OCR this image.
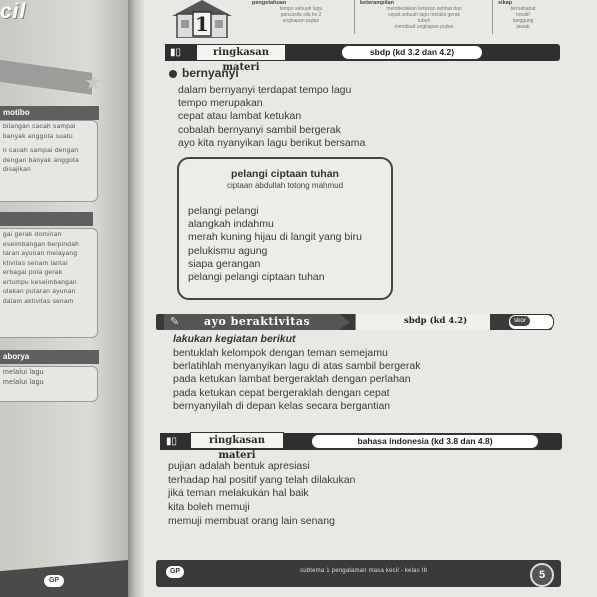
cil
★
motibo

bilangan cacah sampai

banyak anggota suatu

n cacah sampai dengan

dengan banyak anggota

disajikan

gai gerak dominan

eseimbangan berpindah

taran ayunan melayang

ktivitas senam lantai

erbagai pola gerak

ertumpu keseimbangan

olakan putaran ayunan

dalam aktivitas senam

aborya

melalui lagu

melalui lagu

GP
1
pengetahuan
tempo sebuah lagu
pancasila sila ke 2
ungkapan pujian
keterampilan
membedakan ketukan lambat dan
cepat sebuah lagu melalui gerak
tubuh
membuat ungkapan pujian
sikap
bersahabat
kreatif
tanggung
jawab
▮▯	ringkasan materi
sbdp (kd 3.2 dan 4.2)
bernyanyi
dalam bernyanyi terdapat tempo lagu
tempo merupakan
cepat atau lambat ketukan
cobalah bernyanyi sambil bergerak
ayo kita nyanyikan lagu berikut bersama
pelangi ciptaan tuhan
ciptaan abdullah totong mahmud
pelangi pelangi
alangkah indahmu
merah kuning hijau di langit yang biru
pelukismu agung
siapa gerangan
pelangi pelangi ciptaan tuhan
✎ ayo beraktivitas	sbdp (kd 4.2)	skor
lakukan kegiatan berikut
bentuklah kelompok dengan teman semejamu
berlatihlah menyanyikan lagu di atas sambil bergerak
pada ketukan lambat bergeraklah dengan perlahan
pada ketukan cepat bergeraklah dengan cepat
bernyanyilah di depan kelas secara bergantian
▮▯	ringkasan materi
bahasa indonesia (kd 3.8 dan 4.8)
pujian adalah bentuk apresiasi
terhadap hal positif yang telah dilakukan
jika teman melakukan hal baik
kita boleh memuji
memuji membuat orang lain senang
GP	subtema 1 pengalaman masa kecil - kelas Ib	5
